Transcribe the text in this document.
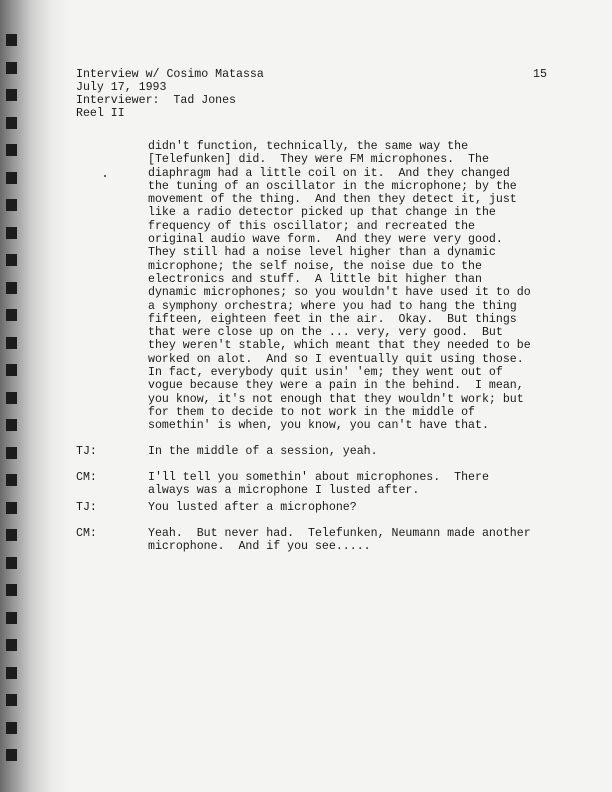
Interview w/ Cosimo Matassa
July 17, 1993
Interviewer:  Tad Jones
Reel II
15
didn't function, technically, the same way the
[Telefunken] did.  They were FM microphones.  The
diaphragm had a little coil on it.  And they changed
the tuning of an oscillator in the microphone; by the
movement of the thing.  And then they detect it, just
like a radio detector picked up that change in the
frequency of this oscillator; and recreated the
original audio wave form.  And they were very good.
They still had a noise level higher than a dynamic
microphone; the self noise, the noise due to the
electronics and stuff.  A little bit higher than
dynamic microphones; so you wouldn't have used it to do
a symphony orchestra; where you had to hang the thing
fifteen, eighteen feet in the air.  Okay.  But things
that were close up on the ... very, very good.  But
they weren't stable, which meant that they needed to be
worked on alot.  And so I eventually quit using those.
In fact, everybody quit usin' 'em; they went out of
vogue because they were a pain in the behind.  I mean,
you know, it's not enough that they wouldn't work; but
for them to decide to not work in the middle of
somethin' is when, you know, you can't have that.
TJ:	In the middle of a session, yeah.
CM:	I'll tell you somethin' about microphones.  There
always was a microphone I lusted after.
TJ:	You lusted after a microphone?
CM:	Yeah.  But never had.  Telefunken, Neumann made another
microphone.  And if you see.....
